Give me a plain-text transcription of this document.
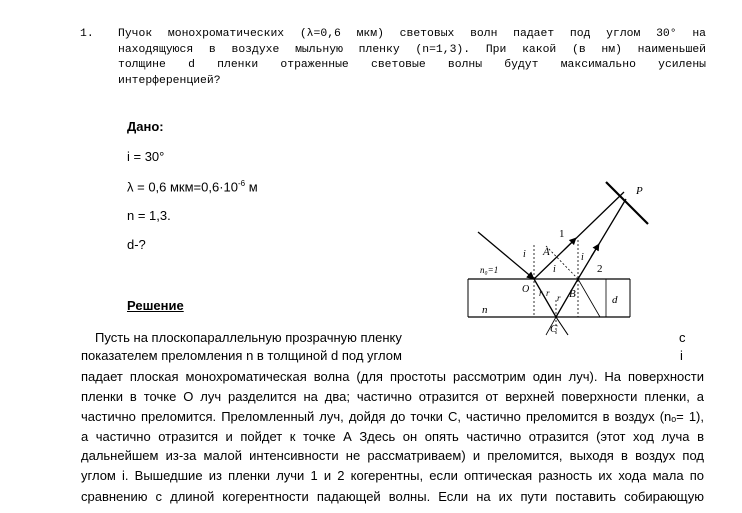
1. Пучок монохроматических (λ=0,6 мкм) световых волн падает под углом 30° на
находящуюся в воздухе мыльную пленку (n=1,3). При какой (в нм) наименьшей
толщине d пленки отраженные световые волны будут максимально усилены
интерференцией?
Дано:
i = 30°
λ = 0,6 $мкм=0,6\cdot 10^{-6}$ м
n = 1,3.
d-?
Решение
Пусть на плоскопараллельную прозрачную пленку	с
показателем преломления n в толщиной d под углом	i
падает плоская монохроматическая волна (для простоты рассмотрим один луч). На поверхности
пленки в точке O луч разделится на два; частично отразится от верхней поверхности пленки, а
частично преломится. Преломленный луч, дойдя до точки C, частично преломится в воздух (nₒ= 1),
а частично отразится и пойдет к точке А Здесь он опять частично отразится (этот ход луча в
дальнейшем из-за малой интенсивности не рассматриваем) и преломится, выходя в воздух под
углом i. Вышедшие из пленки лучи 1 и 2 когерентны, если оптическая разность их хода мала по
сравнению с длиной когерентности падающей волны. Если на их пути поставить собирающую
P
A
B
C
O
n₀=1
n
d
1
2
i
i
i
r r r
